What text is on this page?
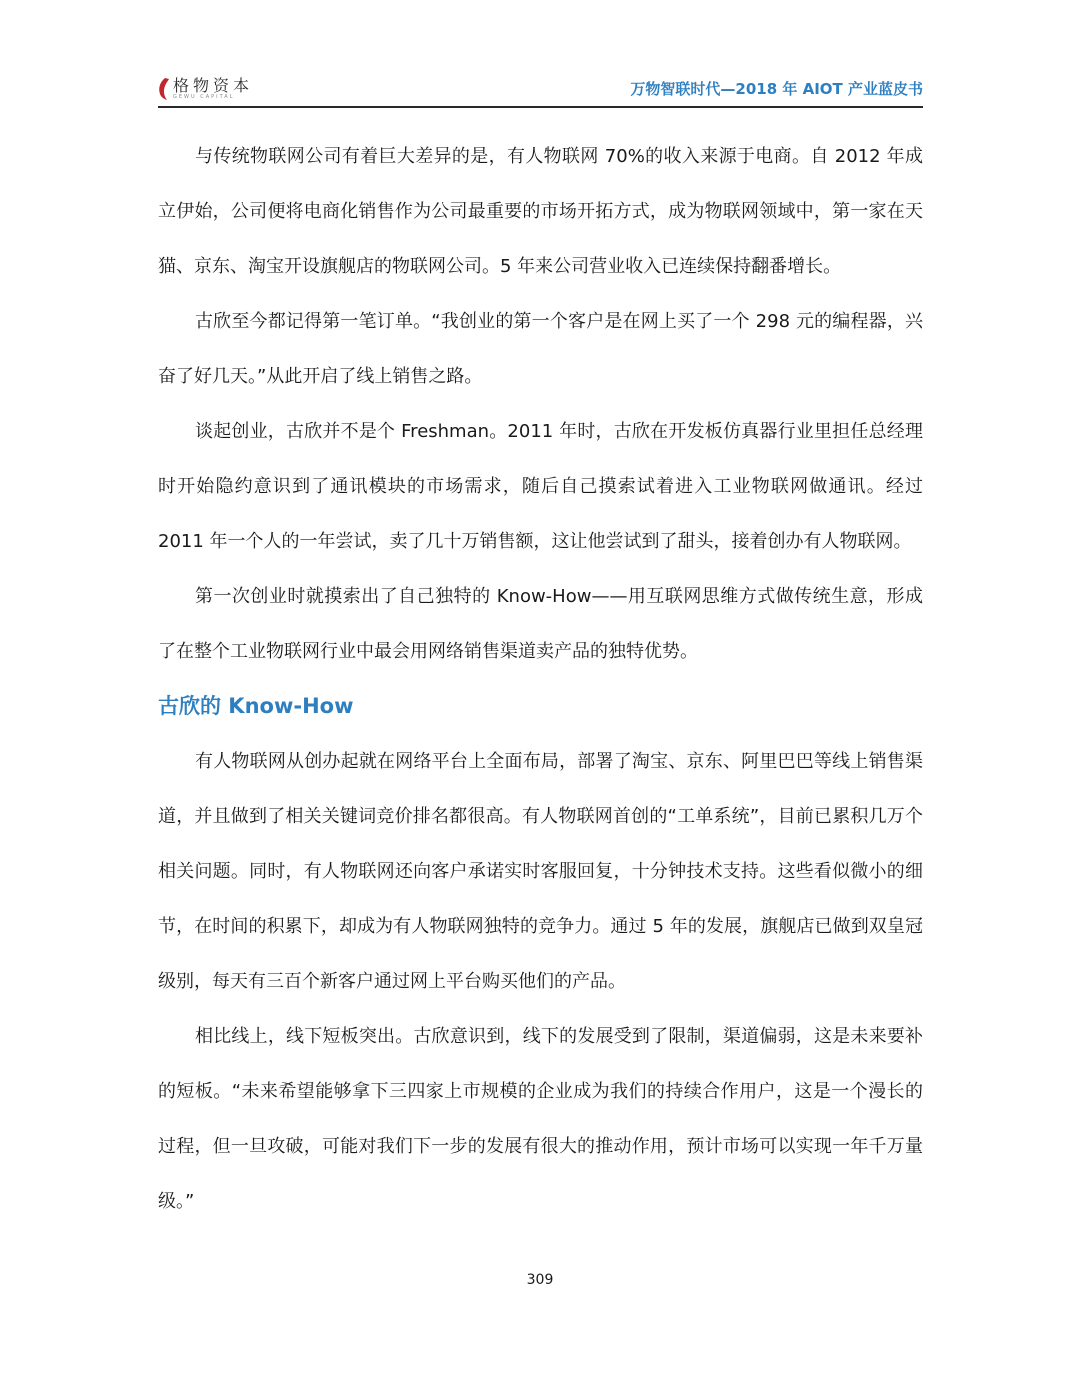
格物资本
GEWU CAPITAL	万物智联时代—2018 年 AIOT 产业蓝皮书

与传统物联网公司有着巨大差异的是，有人物联网 70%的收入来源于电商。自 2012 年成立伊始，公司便将电商化销售作为公司最重要的市场开拓方式，成为物联网领域中，第一家在天猫、京东、淘宝开设旗舰店的物联网公司。5 年来公司营业收入已连续保持翻番增长。

古欣至今都记得第一笔订单。“我创业的第一个客户是在网上买了一个 298 元的编程器，兴奋了好几天。”从此开启了线上销售之路。

谈起创业，古欣并不是个 Freshman。2011 年时，古欣在开发板仿真器行业里担任总经理时开始隐约意识到了通讯模块的市场需求，随后自己摸索试着进入工业物联网做通讯。经过 2011 年一个人的一年尝试，卖了几十万销售额，这让他尝试到了甜头，接着创办有人物联网。

第一次创业时就摸索出了自己独特的 Know-How——用互联网思维方式做传统生意，形成了在整个工业物联网行业中最会用网络销售渠道卖产品的独特优势。

古欣的 Know-How

有人物联网从创办起就在网络平台上全面布局，部署了淘宝、京东、阿里巴巴等线上销售渠道，并且做到了相关关键词竞价排名都很高。有人物联网首创的“工单系统”，目前已累积几万个相关问题。同时，有人物联网还向客户承诺实时客服回复，十分钟技术支持。这些看似微小的细节，在时间的积累下，却成为有人物联网独特的竞争力。通过 5 年的发展，旗舰店已做到双皇冠级别，每天有三百个新客户通过网上平台购买他们的产品。

相比线上，线下短板突出。古欣意识到，线下的发展受到了限制，渠道偏弱，这是未来要补的短板。“未来希望能够拿下三四家上市规模的企业成为我们的持续合作用户，这是一个漫长的过程，但一旦攻破，可能对我们下一步的发展有很大的推动作用，预计市场可以实现一年千万量级。”

309
